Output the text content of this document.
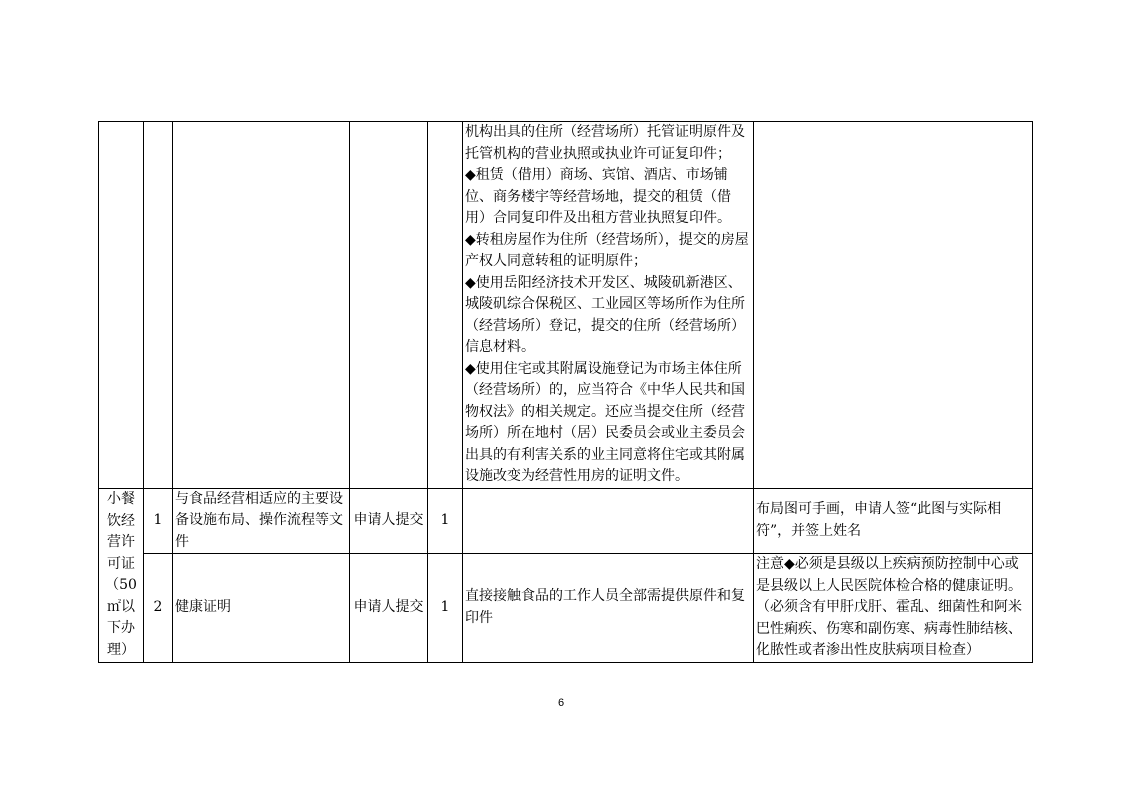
					机构出具的住所（经营场所）托管证明原件及托管机构的营业执照或执业许可证复印件；
◆租赁（借用）商场、宾馆、酒店、市场铺位、商务楼宇等经营场地，提交的租赁（借用）合同复印件及出租方营业执照复印件。
◆转租房屋作为住所（经营场所），提交的房屋产权人同意转租的证明原件；
◆使用岳阳经济技术开发区、城陵矶新港区、城陵矶综合保税区、工业园区等场所作为住所（经营场所）登记，提交的住所（经营场所）信息材料。
◆使用住宅或其附属设施登记为市场主体住所（经营场所）的，应当符合《中华人民共和国物权法》的相关规定。还应当提交住所（经营场所）所在地村（居）民委员会或业主委员会出具的有利害关系的业主同意将住宅或其附属设施改变为经营性用房的证明文件。	

小餐饮经营许可证（50 ㎡以下办理）	1	与食品经营相适应的主要设备设施布局、操作流程等文件	申请人提交	1		布局图可手画，申请人签“此图与实际相符”，并签上姓名
	2	健康证明	申请人提交	1	直接接触食品的工作人员全部需提供原件和复印件	注意◆必须是县级以上疾病预防控制中心或是县级以上人民医院体检合格的健康证明。（必须含有甲肝戊肝、霍乱、细菌性和阿米巴性痢疾、伤寒和副伤寒、病毒性肺结核、化脓性或者渗出性皮肤病项目检查）
6
